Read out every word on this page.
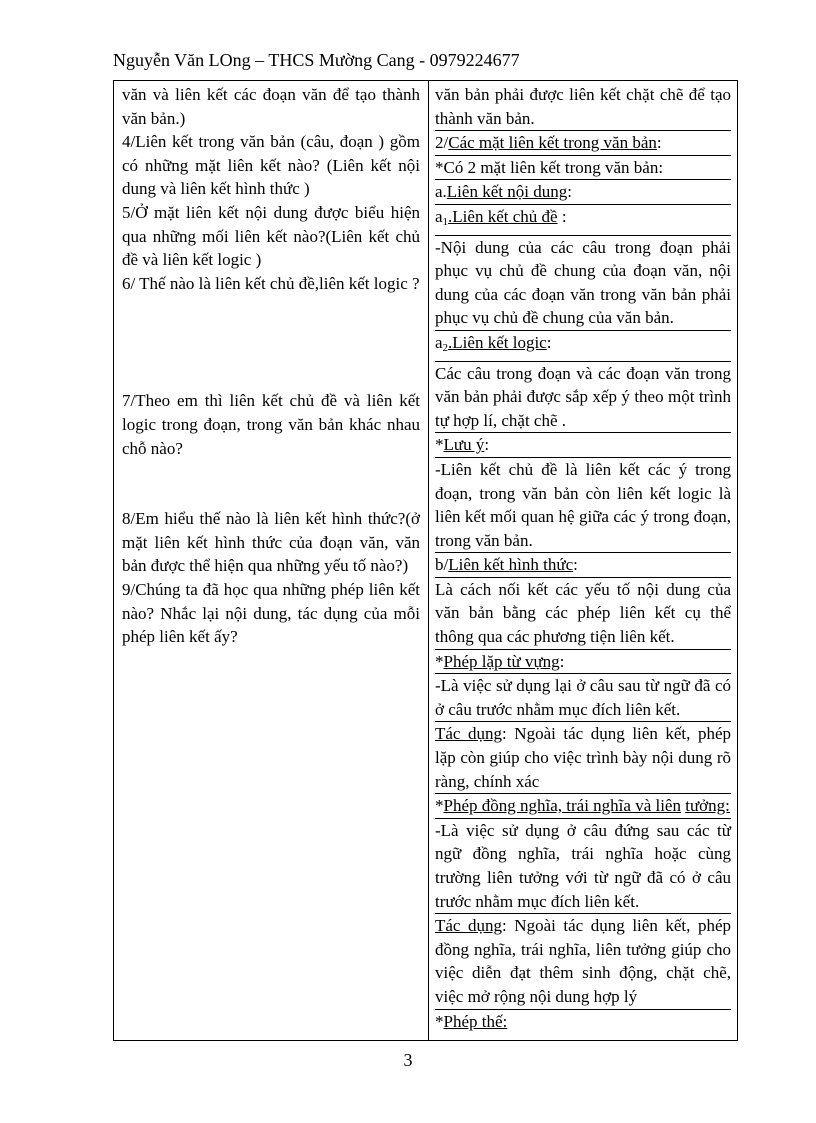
Nguyễn Văn LOng – THCS Mường Cang - 0979224677

văn và liên kết các đoạn văn để tạo thành văn bản.)

4/Liên kết trong văn bản (câu, đoạn ) gồm có những mặt liên kết nào? (Liên kết nội dung và liên kết hình thức )

5/Ở mặt liên kết nội dung được biểu hiện qua những mối liên kết nào?(Liên kết chủ đề và liên kết logic )

6/ Thế nào là liên kết chủ đề,liên kết logic ?

7/Theo em thì liên kết chủ đề và liên kết logic trong đoạn, trong văn bản khác nhau chỗ nào?

8/Em hiểu thế nào là liên kết hình thức?(ở mặt liên kết hình thức của đoạn văn, văn bản được thể hiện qua những yếu tố nào?)

9/Chúng ta đã học qua những phép liên kết nào? Nhắc lại nội dung, tác dụng của mỗi phép liên kết ấy?

văn bản phải được liên kết chặt chẽ để tạo thành văn bản.

2/Các mặt liên kết trong văn bản:

*Có 2 mặt liên kết trong văn bản:

a.Liên kết nội dung:

$a_1.Liên$ kết chủ đề :

-Nội dung của các câu trong đoạn phải phục vụ chủ đề chung của đoạn văn, nội dung của các đoạn văn trong văn bản phải phục vụ chủ đề chung của văn bản.

$a_2.Liên$ kết logic:

Các câu trong đoạn và các đoạn văn trong văn bản phải được sắp xếp ý theo một trình tự hợp lí, chặt chẽ .

*Lưu ý:

-Liên kết chủ đề là liên kết các ý trong đoạn, trong văn bản còn liên kết logic là liên kết mối quan hệ giữa các ý trong đoạn, trong văn bản.

b/Liên kết hình thức:

Là cách nối kết các yếu tố nội dung của văn bản bằng các phép liên kết cụ thể thông qua các phương tiện liên kết.

*Phép lặp từ vựng:

-Là việc sử dụng lại ở câu sau từ ngữ đã có ở câu trước nhằm mục đích liên kết.

Tác dụng: Ngoài tác dụng liên kết, phép lặp còn giúp cho việc trình bày nội dung rõ ràng, chính xác

*Phép đồng nghĩa, trái nghĩa và liên tưởng:

-Là việc sử dụng ở câu đứng sau các từ ngữ đồng nghĩa, trái nghĩa hoặc cùng trường liên tưởng với từ ngữ đã có ở câu trước nhằm mục đích liên kết.

Tác dụng: Ngoài tác dụng liên kết, phép đồng nghĩa, trái nghĩa, liên tưởng giúp cho việc diễn đạt thêm sinh động, chặt chẽ, việc mở rộng nội dung hợp lý

*Phép thế:

3
